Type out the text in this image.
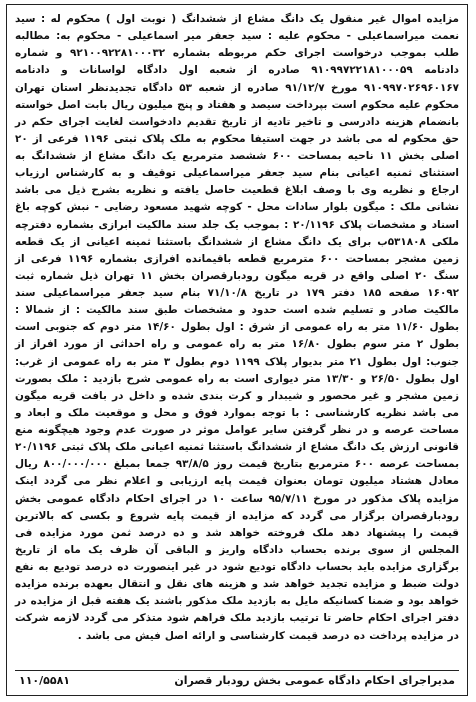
مزایده اموال غیر منقول یک دانگ مشاع از ششدانگ ( نوبت اول ) محکوم له : سید نعمت میراسماعیلی - محکوم علیه : سید جعفر میر اسماعیلی - محکوم به: مطالبه طلب بموجب درخواست اجرای حکم مربوطه بشماره ۹۲۱۰۰۹۲۲۸۱۰۰۰۳۲ و شماره دادنامه ۹۱۰۹۹۷۲۲۱۸۱۰۰۰۵۹ صادره از شعبه اول دادگاه لواسانات و دادنامه ۹۱۰۹۹۷۰۲۶۹۶۰۱۶۷ مورخ ۹۱/۱۲/۷ صادره از شعبه ۵۳ دادگاه تجدیدنظر استان تهران محکوم علیه محکوم است بپرداخت سیصد و هفتاد و پنج میلیون ریال بابت اصل خواسته بانضمام هزینه دادرسی و تاخیر تادیه از تاریخ تقدیم دادخواست لغایت اجرای حکم در حق محکوم له می باشد در جهت استیفا محکوم به ملک پلاک ثبتی ۱۱۹۶ فرعی از ۲۰ اصلی بخش ۱۱ ناحیه بمساحت ۶۰۰ ششصد مترمربع یک دانگ مشاع از ششدانگ به استثنای ثمنیه اعیانی بنام سید جعفر میراسماعیلی توقیف و به کارشناس ارزیاب ارجاع و نظریه وی با وصف ابلاغ قطعیت حاصل یافته و نظریه بشرح ذیل می باشد نشانی ملک : میگون بلوار سادات محل - کوچه شهید مسعود رضایی - نبش کوچه باغ اسناد و مشخصات پلاک ۲۰/۱۱۹۶ : بموجب یک جلد سند مالکیت ابرازی بشماره دفترچه ملکی ۵۳۱۸۰۸ب برای یک دانگ مشاع از ششدانگ باستثنا ثمینه اعیانی از یک قطعه زمین مشجر بمساحت ۶۰۰ مترمربع قطعه باقیمانده افرازی بشماره ۱۱۹۶ فرعی از سنگ ۲۰ اصلی واقع در قریه میگون رودبارقصران بخش ۱۱ تهران ذیل شماره ثبت ۱۶۰۹۲ صفحه ۱۸۵ دفتر ۱۷۹ در تاریخ ۷۱/۱۰/۸ بنام سید جعفر میراسماعیلی سند مالکیت صادر و تسلیم شده است حدود و مشخصات طبق سند مالکیت : از شمالا : بطول ۱۱/۶۰ متر به راه عمومی از شرق : اول بطول ۱۴/۶۰ متر دوم که جنوبی است بطول ۲ متر سوم بطول ۱۶/۸۰ متر به راه عمومی و راه احداثی از مورد افراز از جنوب: اول بطول ۲۱ متر بدیوار پلاک ۱۱۹۹ دوم بطول ۳ متر به راه عمومی از غرب: اول بطول ۲۶/۵۰ و ۱۳/۳۰ متر دیواری است به راه عمومی شرح بازدید : ملک بصورت زمین مشجر و غیر محصور و شیبدار و کرت بندی شده و داخل در بافت قریه میگون می باشد نظریه کارشناسی : با توجه بموارد فوق و محل و موقعیت ملک و ابعاد و مساحت عرصه و در نظر گرفتن سایر عوامل موثر در صورت عدم وجود هیچگونه منع قانونی ارزش یک دانگ مشاع از ششدانگ باستثنا ثمنیه اعیانی ملک پلاک ثبتی ۲۰/۱۱۹۶ بمساحت عرصه ۶۰۰ مترمربع بتاریخ قیمت روز ۹۳/۸/۵ جمعا بمبلغ ۸۰۰/۰۰۰/۰۰۰ ریال معادل هشتاد میلیون تومان بعنوان قیمت پایه ارزیابی و اعلام نظر می گردد اینک مزایده پلاک مذکور در مورخ ۹۵/۷/۱۱ ساعت ۱۰ در اجرای احکام دادگاه عمومی بخش رودبارقصران برگزار می گردد که مزایده از قیمت پایه شروع و بکسی که بالاترین قیمت را پیشنهاد دهد ملک فروخته خواهد شد و ده درصد ثمن مورد مزایده فی المجلس از سوی برنده بحساب دادگاه واریز و الباقی آن ظرف یک ماه از تاریخ برگزاری مزایده باید بحساب دادگاه تودیع شود در غیر اینصورت ده درصد تودیع به نفع دولت ضبط و مزایده تجدید خواهد شد و هزینه های نقل و انتقال بعهده برنده مزایده خواهد بود و ضمنا کسانیکه مایل به بازدید ملک مذکور باشند یک هفته قبل از مزایده در دفتر اجرای احکام حاضر تا ترتیب بازدید ملک فراهم شود متذکر می گردد لازمه شرکت در مزایده پرداخت ده درصد قیمت کارشناسی و ارائه اصل فیش می باشد .

مدیراجرای احکام دادگاه عمومی بخش رودبار قصران
۱۱۰/۵۵۸۱
